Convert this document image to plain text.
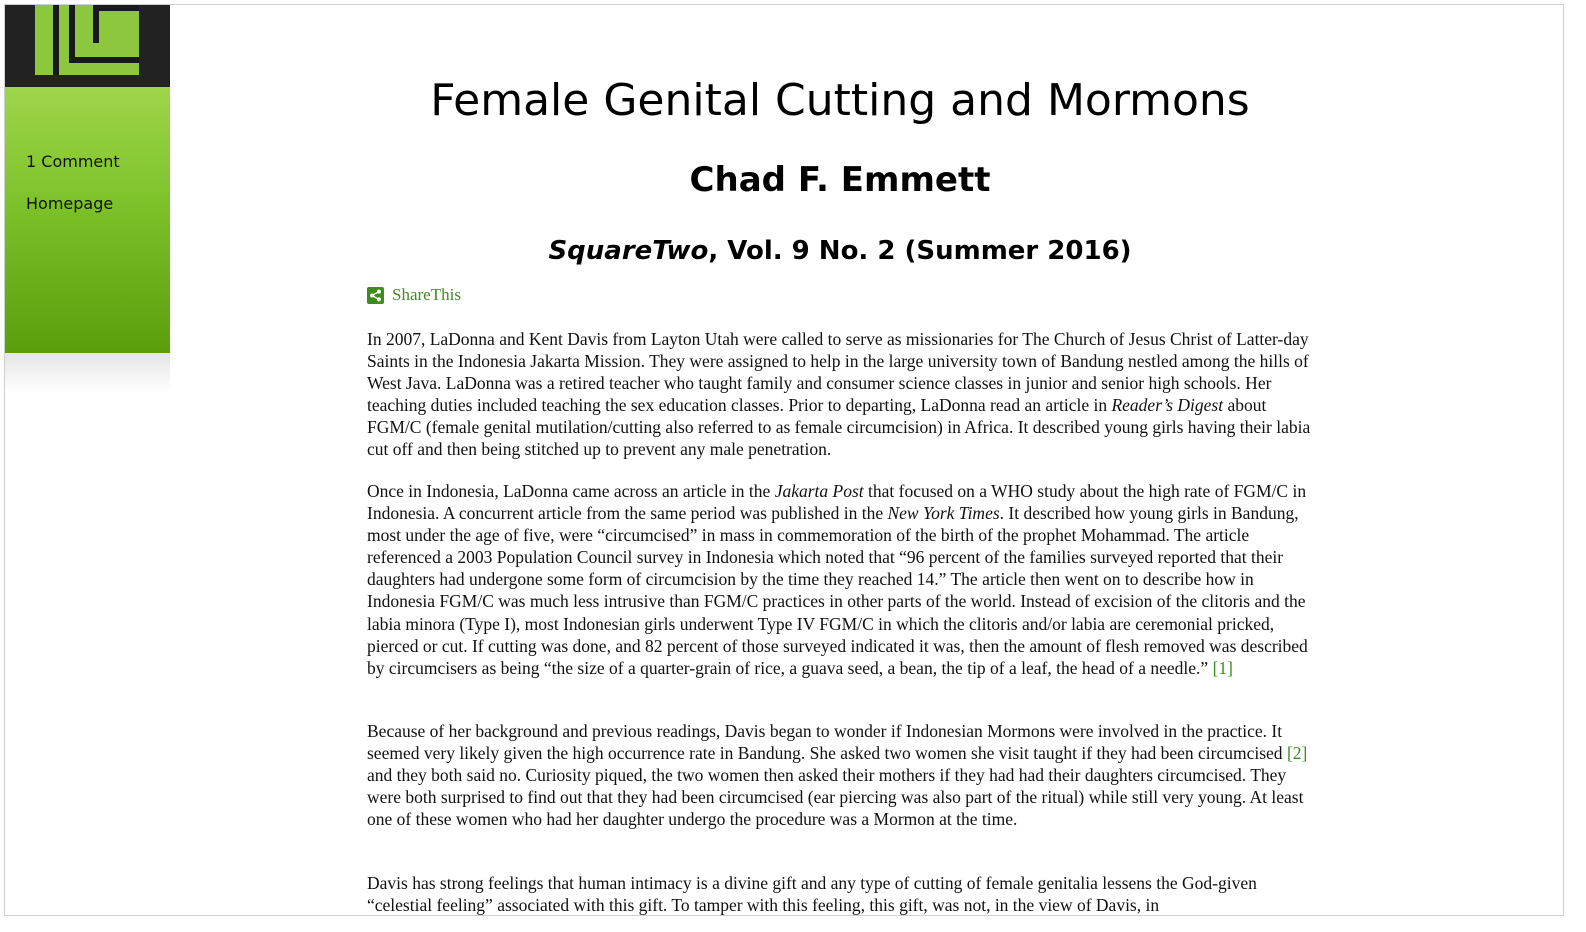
1 Comment
Homepage
Female Genital Cutting and Mormons
Chad F. Emmett
SquareTwo, Vol. 9 No. 2 (Summer 2016)
ShareThis

In 2007, LaDonna and Kent Davis from Layton Utah were called to serve as missionaries for The Church of Jesus Christ of Latter-day Saints in the Indonesia Jakarta Mission. They were assigned to help in the large university town of Bandung nestled among the hills of West Java. LaDonna was a retired teacher who taught family and consumer science classes in junior and senior high schools. Her teaching duties included teaching the sex education classes. Prior to departing, LaDonna read an article in Reader’s Digest about FGM/C (female genital mutilation/cutting also referred to as female circumcision) in Africa. It described young girls having their labia cut off and then being stitched up to prevent any male penetration.

Once in Indonesia, LaDonna came across an article in the Jakarta Post that focused on a WHO study about the high rate of FGM/C in Indonesia. A concurrent article from the same period was published in the New York Times. It described how young girls in Bandung, most under the age of five, were “circumcised” in mass in commemoration of the birth of the prophet Mohammad. The article referenced a 2003 Population Council survey in Indonesia which noted that “96 percent of the families surveyed reported that their daughters had undergone some form of circumcision by the time they reached 14.” The article then went on to describe how in Indonesia FGM/C was much less intrusive than FGM/C practices in other parts of the world. Instead of excision of the clitoris and the labia minora (Type I), most Indonesian girls underwent Type IV FGM/C in which the clitoris and/or labia are ceremonial pricked, pierced or cut. If cutting was done, and 82 percent of those surveyed indicated it was, then the amount of flesh removed was described by circumcisers as being “the size of a quarter-grain of rice, a guava seed, a bean, the tip of a leaf, the head of a needle.” [1]

Because of her background and previous readings, Davis began to wonder if Indonesian Mormons were involved in the practice. It seemed very likely given the high occurrence rate in Bandung. She asked two women she visit taught if they had been circumcised [2] and they both said no. Curiosity piqued, the two women then asked their mothers if they had had their daughters circumcised. They were both surprised to find out that they had been circumcised (ear piercing was also part of the ritual) while still very young. At least one of these women who had her daughter undergo the procedure was a Mormon at the time.

Davis has strong feelings that human intimacy is a divine gift and any type of cutting of female genitalia lessens the God-given “celestial feeling” associated with this gift. To tamper with this feeling, this gift, was not, in the view of Davis, in
